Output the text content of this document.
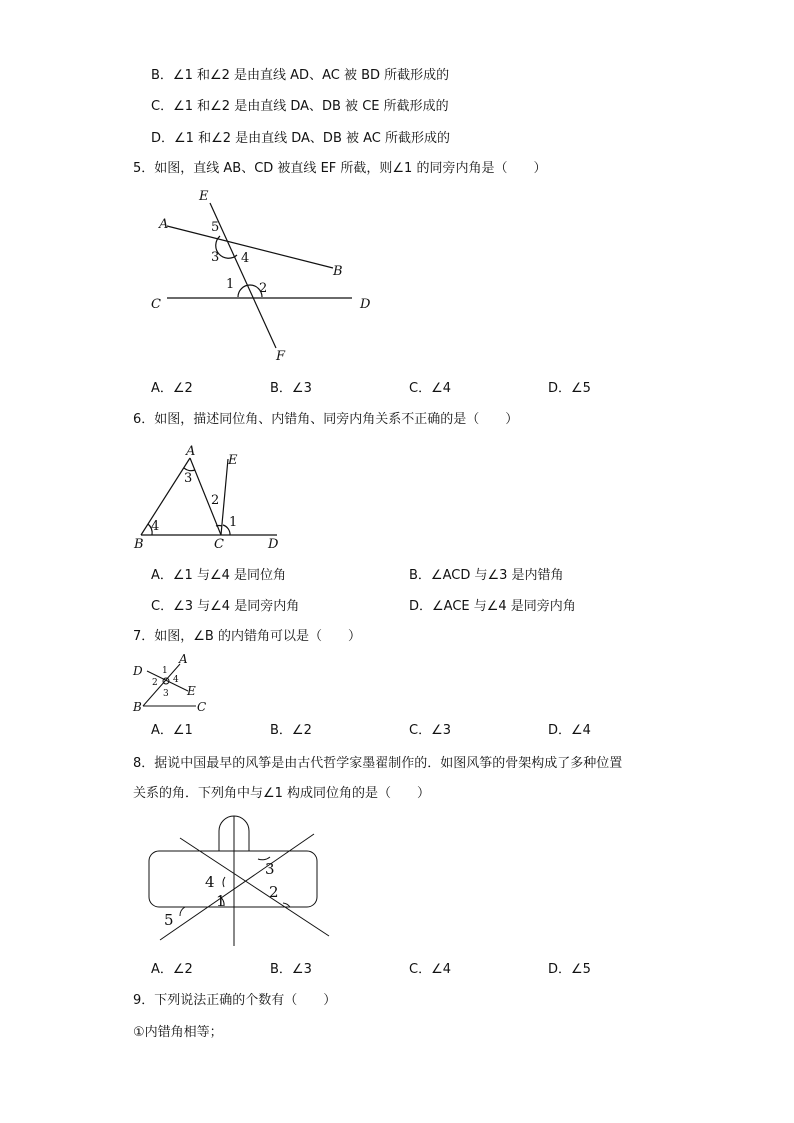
B．∠1 和∠2 是由直线 AD、AC 被 BD 所截形成的
C．∠1 和∠2 是由直线 DA、DB 被 CE 所截形成的
D．∠1 和∠2 是由直线 DA、DB 被 AC 所截形成的
5．如图，直线 AB、CD 被直线 EF 所截，则∠1 的同旁内角是（　　）
E
A	5
3 4
B
1 2
C	D
F
A．∠2	B．∠3	C．∠4	D．∠5
6．如图，描述同位角、内错角、同旁内角关系不正确的是（　　）
A
E
3
2
1
4
B	C	D
A．∠1 与∠4 是同位角	B．∠ACD 与∠3 是内错角
C．∠3 与∠4 是同旁内角	D．∠ACE 与∠4 是同旁内角
7．如图，∠B 的内错角可以是（　　）
D
A
1
2 4
3 E
B	C
A．∠1	B．∠2	C．∠3	D．∠4
8．据说中国最早的风筝是由古代哲学家墨翟制作的．如图风筝的骨架构成了多种位置
关系的角．下列角中与∠1 构成同位角的是（　　）
3
4
1	2
5
A．∠2	B．∠3	C．∠4	D．∠5
9．下列说法正确的个数有（　　）
①内错角相等；
